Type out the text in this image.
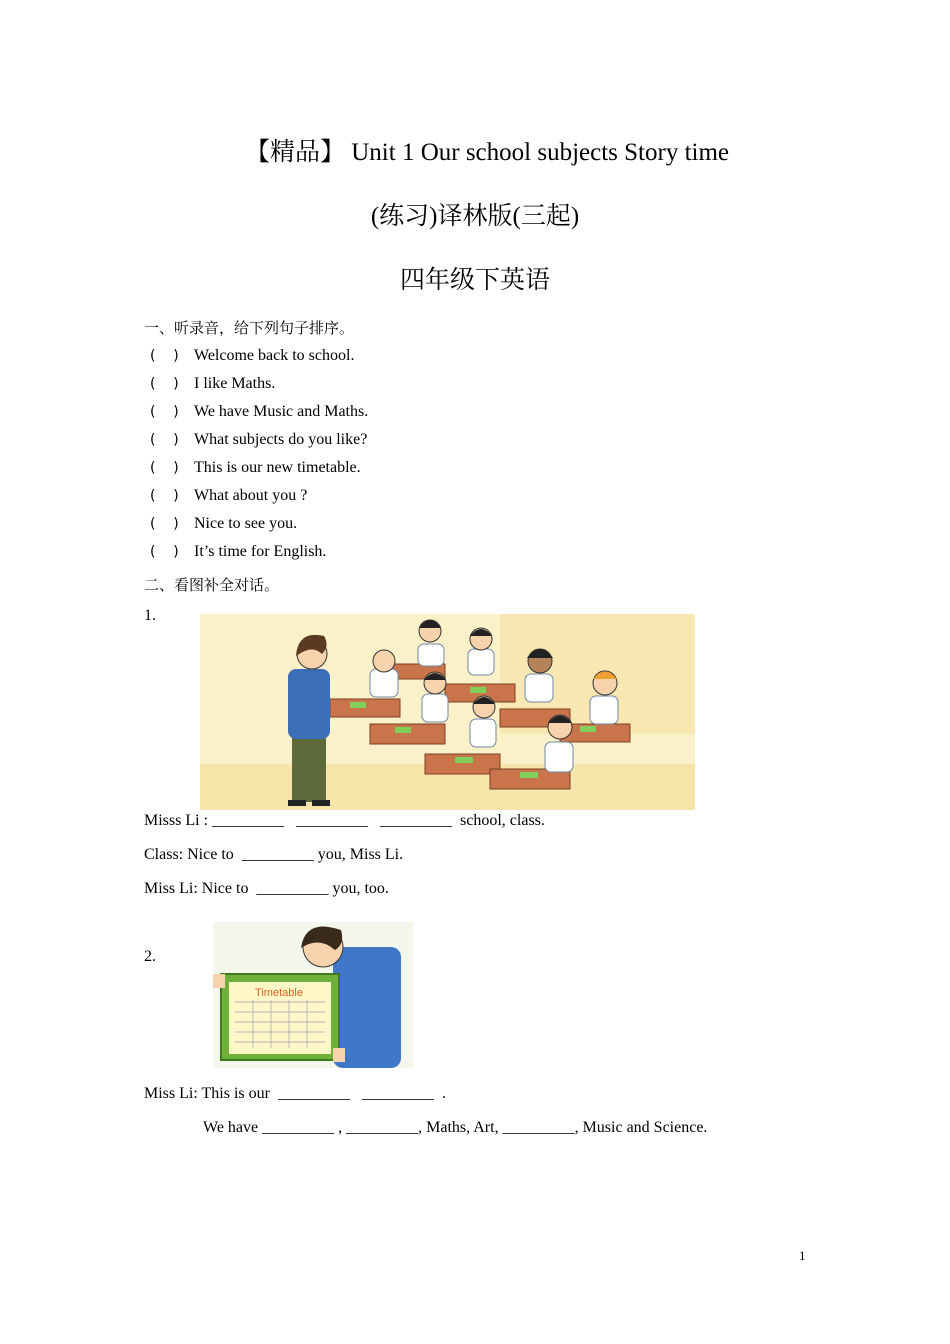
【精品】 Unit 1 Our school subjects Story time
(练习)译林版(三起)
四年级下英语
一、听录音，给下列句子排序。
(    ) Welcome back to school.
(    ) I like Maths.
(    ) We have Music and Maths.
(    ) What subjects do you like?
(    ) This is our new timetable.
(    ) What about you ?
(    ) Nice to see you.
(    ) It’s time for English.
二、看图补全对话。
1.
Misss Li : _________   _________   _________  school, class.
Class: Nice to  _________ you, Miss Li.
Miss Li: Nice to  _________ you, too.
2.
Timetable
Miss Li: This is our  _________   _________  .
We have _________ , _________, Maths, Art, _________, Music and Science.
1
